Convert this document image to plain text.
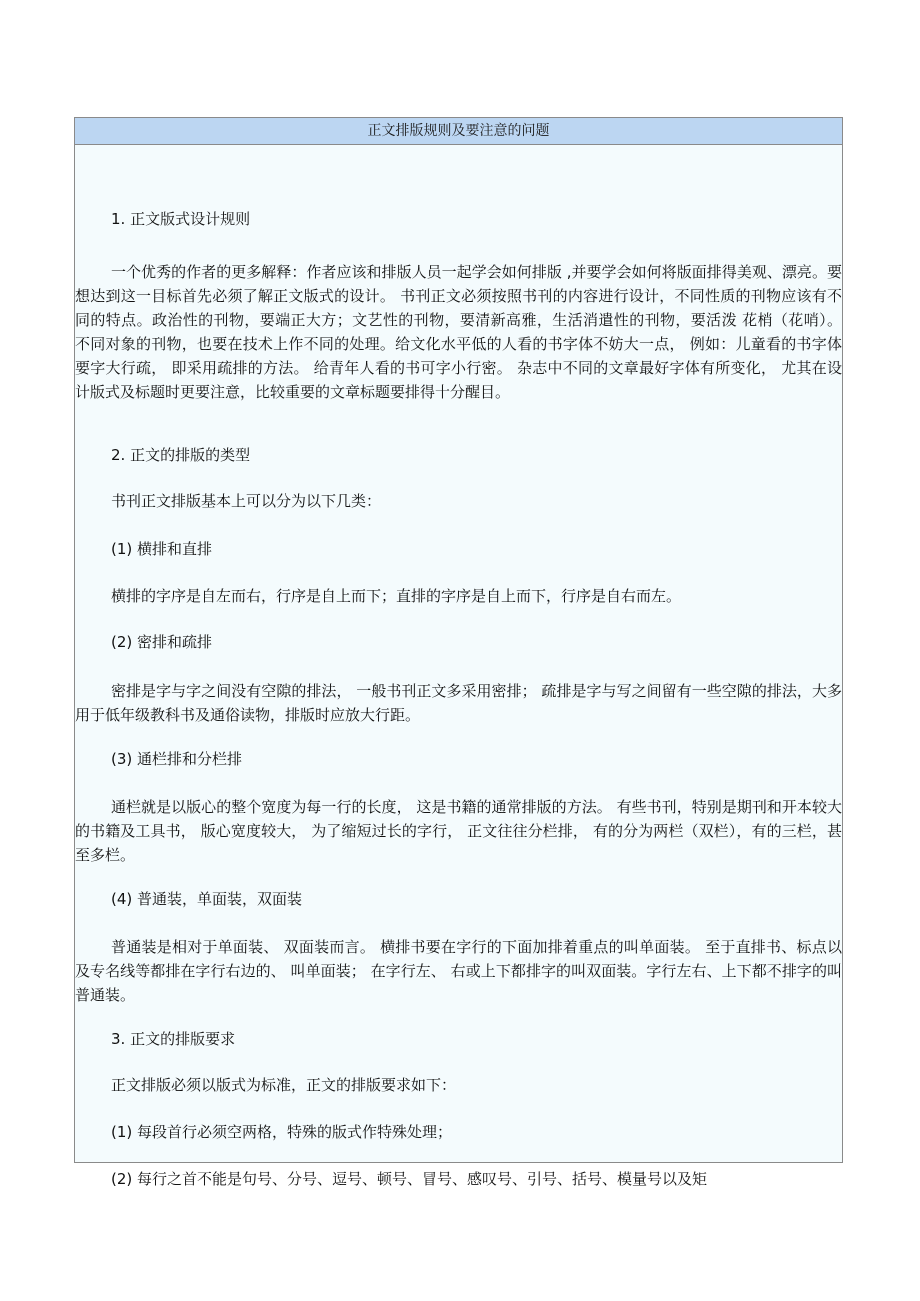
正文排版规则及要注意的问题
1. 正文版式设计规则
一个优秀的作者的更多解释：作者应该和排版人员一起学会如何排版 ,并要学会如何将版面排得美观、漂亮。要想达到这一目标首先必须了解正文版式的设计。 书刊正文必须按照书刊的内容进行设计，不同性质的刊物应该有不同的特点。政治性的刊物，要端正大方；文艺性的刊物，要清新高雅，生活消遣性的刊物，要活泼 花梢（花哨）。 不同对象的刊物，也要在技术上作不同的处理。给文化水平低的人看的书字体不妨大一点， 例如：儿童看的书字体要字大行疏， 即采用疏排的方法。 给青年人看的书可字小行密。 杂志中不同的文章最好字体有所变化， 尤其在设计版式及标题时更要注意，比较重要的文章标题要排得十分醒目。
2. 正文的排版的类型
书刊正文排版基本上可以分为以下几类：
(1) 横排和直排
横排的字序是自左而右，行序是自上而下；直排的字序是自上而下，行序是自右而左。
(2) 密排和疏排
密排是字与字之间没有空隙的排法， 一般书刊正文多采用密排； 疏排是字与写之间留有一些空隙的排法，大多用于低年级教科书及通俗读物，排版时应放大行距。
(3) 通栏排和分栏排
通栏就是以版心的整个宽度为每一行的长度， 这是书籍的通常排版的方法。 有些书刊，特别是期刊和开本较大的书籍及工具书， 版心宽度较大， 为了缩短过长的字行， 正文往往分栏排， 有的分为两栏（双栏），有的三栏，甚至多栏。
(4) 普通装，单面装，双面装
普通装是相对于单面装、 双面装而言。 横排书要在字行的下面加排着重点的叫单面装。 至于直排书、标点以及专名线等都排在字行右边的、 叫单面装； 在字行左、 右或上下都排字的叫双面装。字行左右、上下都不排字的叫普通装。
3. 正文的排版要求
正文排版必须以版式为标准，正文的排版要求如下：
(1) 每段首行必须空两格，特殊的版式作特殊处理；
(2) 每行之首不能是句号、分号、逗号、顿号、冒号、感叹号、引号、括号、模量号以及矩
